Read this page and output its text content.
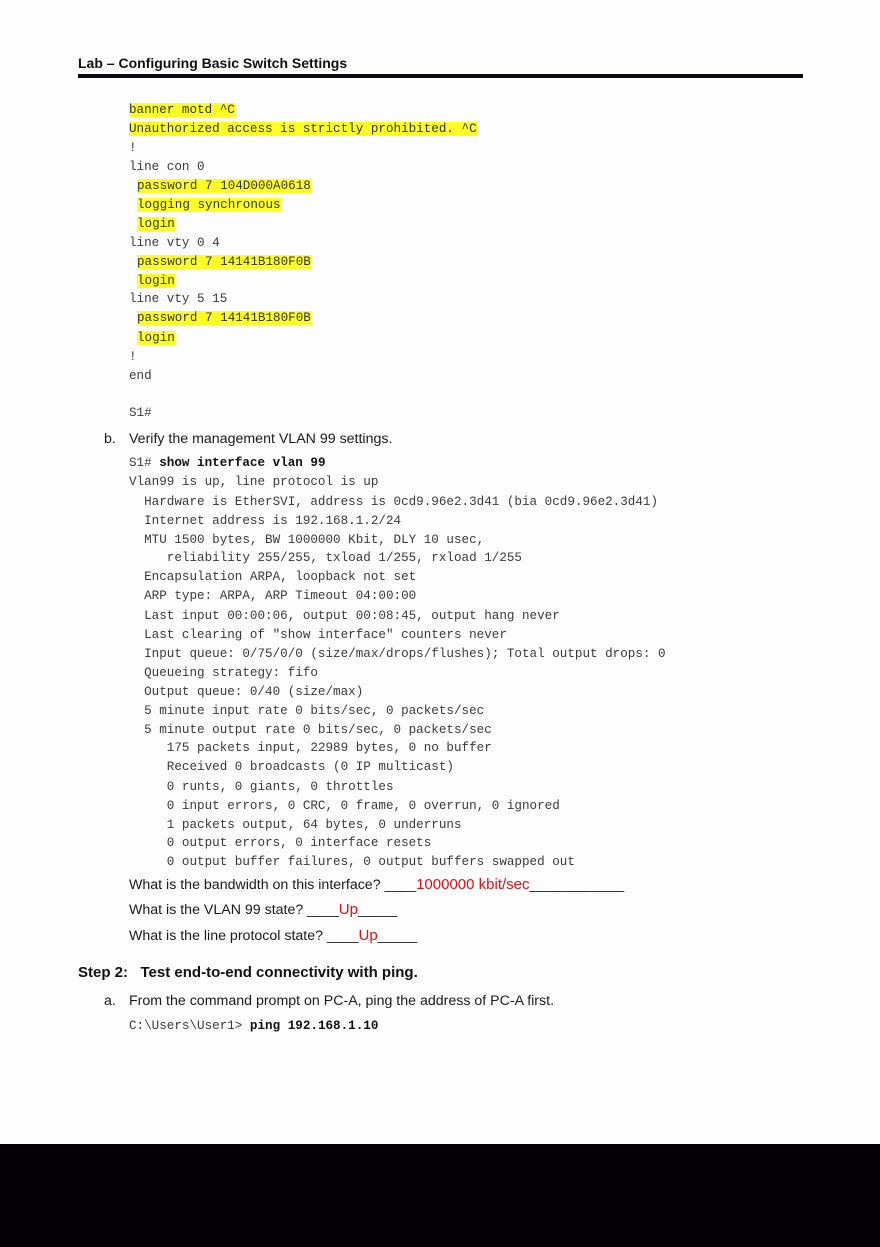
Lab – Configuring Basic Switch Settings
banner motd ^C
Unauthorized access is strictly prohibited. ^C
!
line con 0
password 7 104D000A0618
logging synchronous
login
line vty 0 4
password 7 14141B180F0B
login
line vty 5 15
password 7 14141B180F0B
login
!
end
S1#
b. Verify the management VLAN 99 settings.
S1# show interface vlan 99
Vlan99 is up, line protocol is up
Hardware is EtherSVI, address is 0cd9.96e2.3d41 (bia 0cd9.96e2.3d41)
Internet address is 192.168.1.2/24
MTU 1500 bytes, BW 1000000 Kbit, DLY 10 usec,
reliability 255/255, txload 1/255, rxload 1/255
Encapsulation ARPA, loopback not set
ARP type: ARPA, ARP Timeout 04:00:00
Last input 00:00:06, output 00:08:45, output hang never
Last clearing of "show interface" counters never
Input queue: 0/75/0/0 (size/max/drops/flushes); Total output drops: 0
Queueing strategy: fifo
Output queue: 0/40 (size/max)
5 minute input rate 0 bits/sec, 0 packets/sec
5 minute output rate 0 bits/sec, 0 packets/sec
175 packets input, 22989 bytes, 0 no buffer
Received 0 broadcasts (0 IP multicast)
0 runts, 0 giants, 0 throttles
0 input errors, 0 CRC, 0 frame, 0 overrun, 0 ignored
1 packets output, 64 bytes, 0 underruns
0 output errors, 0 interface resets
0 output buffer failures, 0 output buffers swapped out
What is the bandwidth on this interface? ____1000000 kbit/sec____________
What is the VLAN 99 state? ____Up_____
What is the line protocol state? ____Up_____
Step 2:   Test end-to-end connectivity with ping.
a. From the command prompt on PC-A, ping the address of PC-A first.
C:\Users\User1> ping 192.168.1.10
